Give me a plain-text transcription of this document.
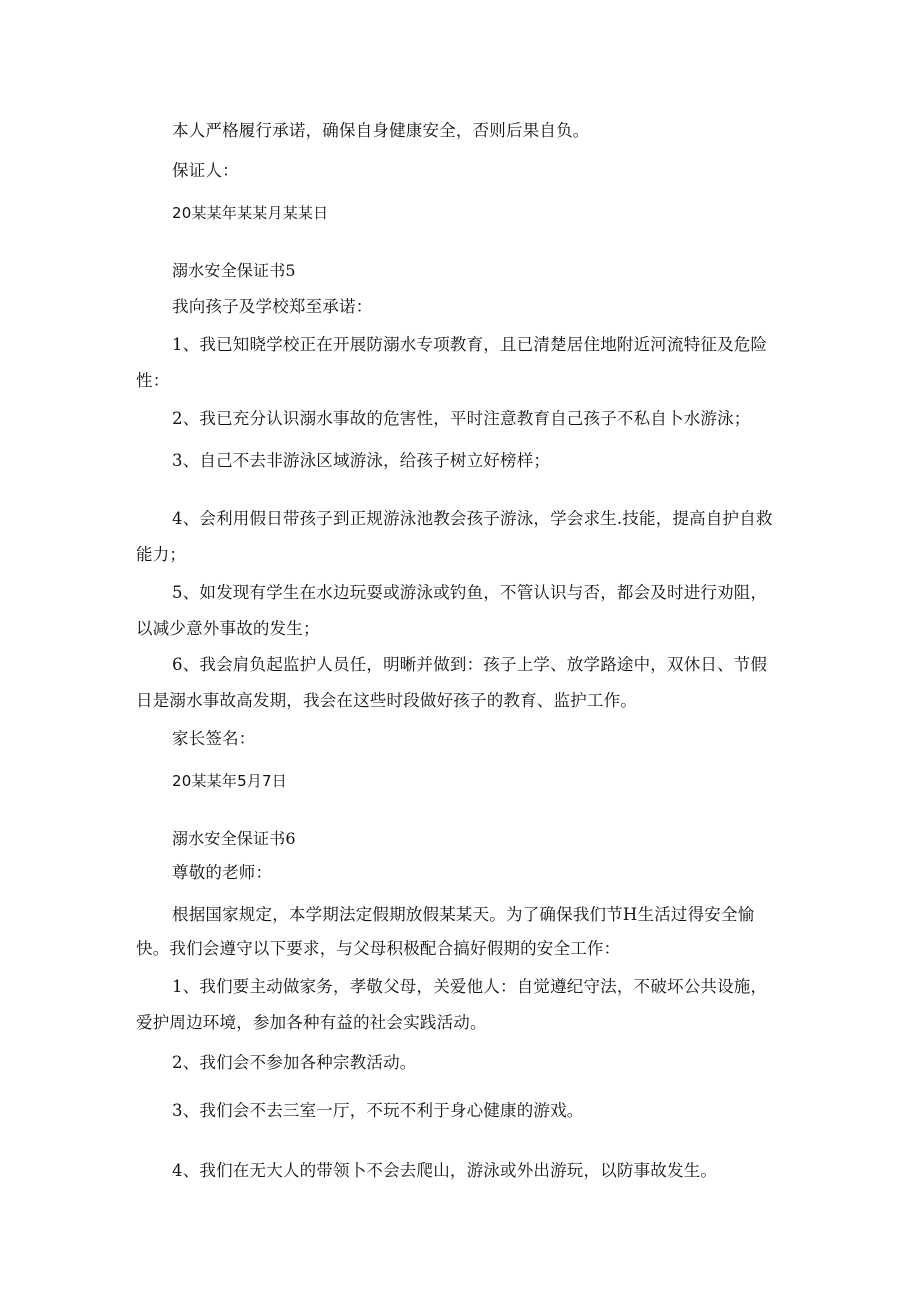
本人严格履行承诺，确保自身健康安全，否则后果自负。
保证人：
20某某年某某月某某日
溺水安全保证书5
我向孩子及学校郑至承诺：
1、我已知晓学校正在开展防溺水专项教育，且已清楚居住地附近河流特征及危险
性：
2、我已充分认识溺水事故的危害性，平时注意教育自己孩子不私自卜水游泳；
3、自己不去非游泳区域游泳，给孩子树立好榜样；
4、会利用假日带孩子到正规游泳池教会孩子游泳，学会求生.技能，提高自护自救
能力；
5、如发现有学生在水边玩耍或游泳或钓鱼，不管认识与否，都会及时进行劝阻，
以减少意外事故的发生；
6、我会肩负起监护人员任，明晰并做到：孩子上学、放学路途中，双休日、节假
日是溺水事故高发期，我会在这些时段做好孩子的教育、监护工作。
家长签名：
20某某年5月7日
溺水安全保证书6
尊敬的老师：
根据国家规定，本学期法定假期放假某某天。为了确保我们节H生活过得安全愉
快。我们会遵守以下要求，与父母积极配合搞好假期的安全工作：
1、我们要主动做家务，孝敬父母，关爱他人：自觉遵纪守法，不破坏公共设施，
爱护周边环境，参加各种有益的社会实践活动。
2、我们会不参加各种宗教活动。
3、我们会不去三室一厅，不玩不利于身心健康的游戏。
4、我们在无大人的带领卜不会去爬山，游泳或外出游玩，以防事故发生。
